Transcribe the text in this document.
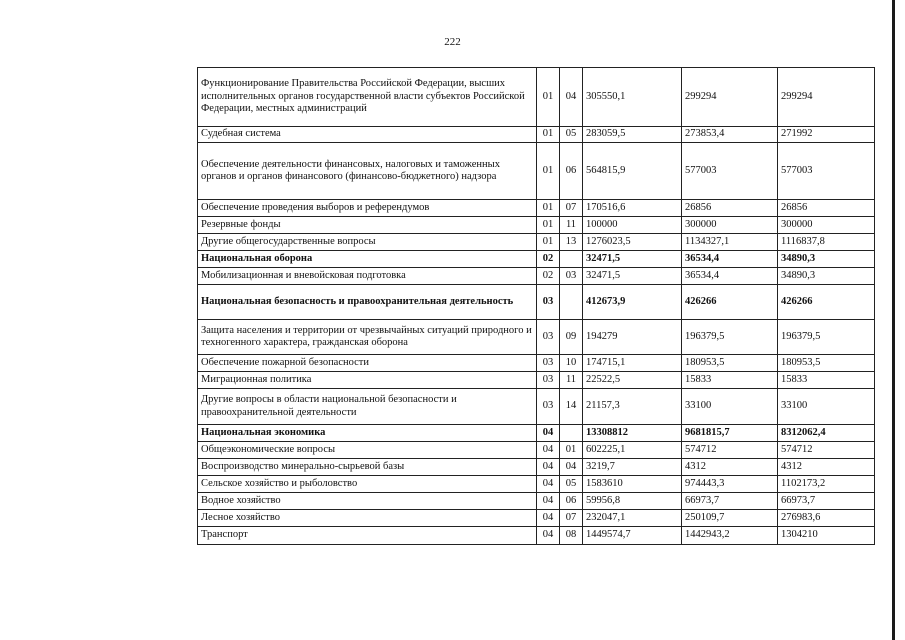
222
Функционирование Правительства Российской Федерации, высших исполнительных органов государственной власти субъектов Российской Федерации, местных администраций	01	04	305550,1	299294	299294
Судебная система	01	05	283059,5	273853,4	271992
Обеспечение деятельности финансовых, налоговых и таможенных органов и органов финансового (финансово-бюджетного) надзора	01	06	564815,9	577003	577003
Обеспечение проведения выборов и референдумов	01	07	170516,6	26856	26856
Резервные фонды	01	11	100000	300000	300000
Другие общегосударственные вопросы	01	13	1276023,5	1134327,1	1116837,8
Национальная оборона	02		32471,5	36534,4	34890,3
Мобилизационная и вневойсковая подготовка	02	03	32471,5	36534,4	34890,3
Национальная безопасность и правоохранительная деятельность	03		412673,9	426266	426266
Защита населения и территории от чрезвычайных ситуаций природного и техногенного характера, гражданская оборона	03	09	194279	196379,5	196379,5
Обеспечение пожарной безопасности	03	10	174715,1	180953,5	180953,5
Миграционная политика	03	11	22522,5	15833	15833
Другие вопросы в области национальной безопасности и правоохранительной деятельности	03	14	21157,3	33100	33100
Национальная экономика	04		13308812	9681815,7	8312062,4
Общеэкономические вопросы	04	01	602225,1	574712	574712
Воспроизводство минерально-сырьевой базы	04	04	3219,7	4312	4312
Сельское хозяйство и рыболовство	04	05	1583610	974443,3	1102173,2
Водное хозяйство	04	06	59956,8	66973,7	66973,7
Лесное хозяйство	04	07	232047,1	250109,7	276983,6
Транспорт	04	08	1449574,7	1442943,2	1304210
